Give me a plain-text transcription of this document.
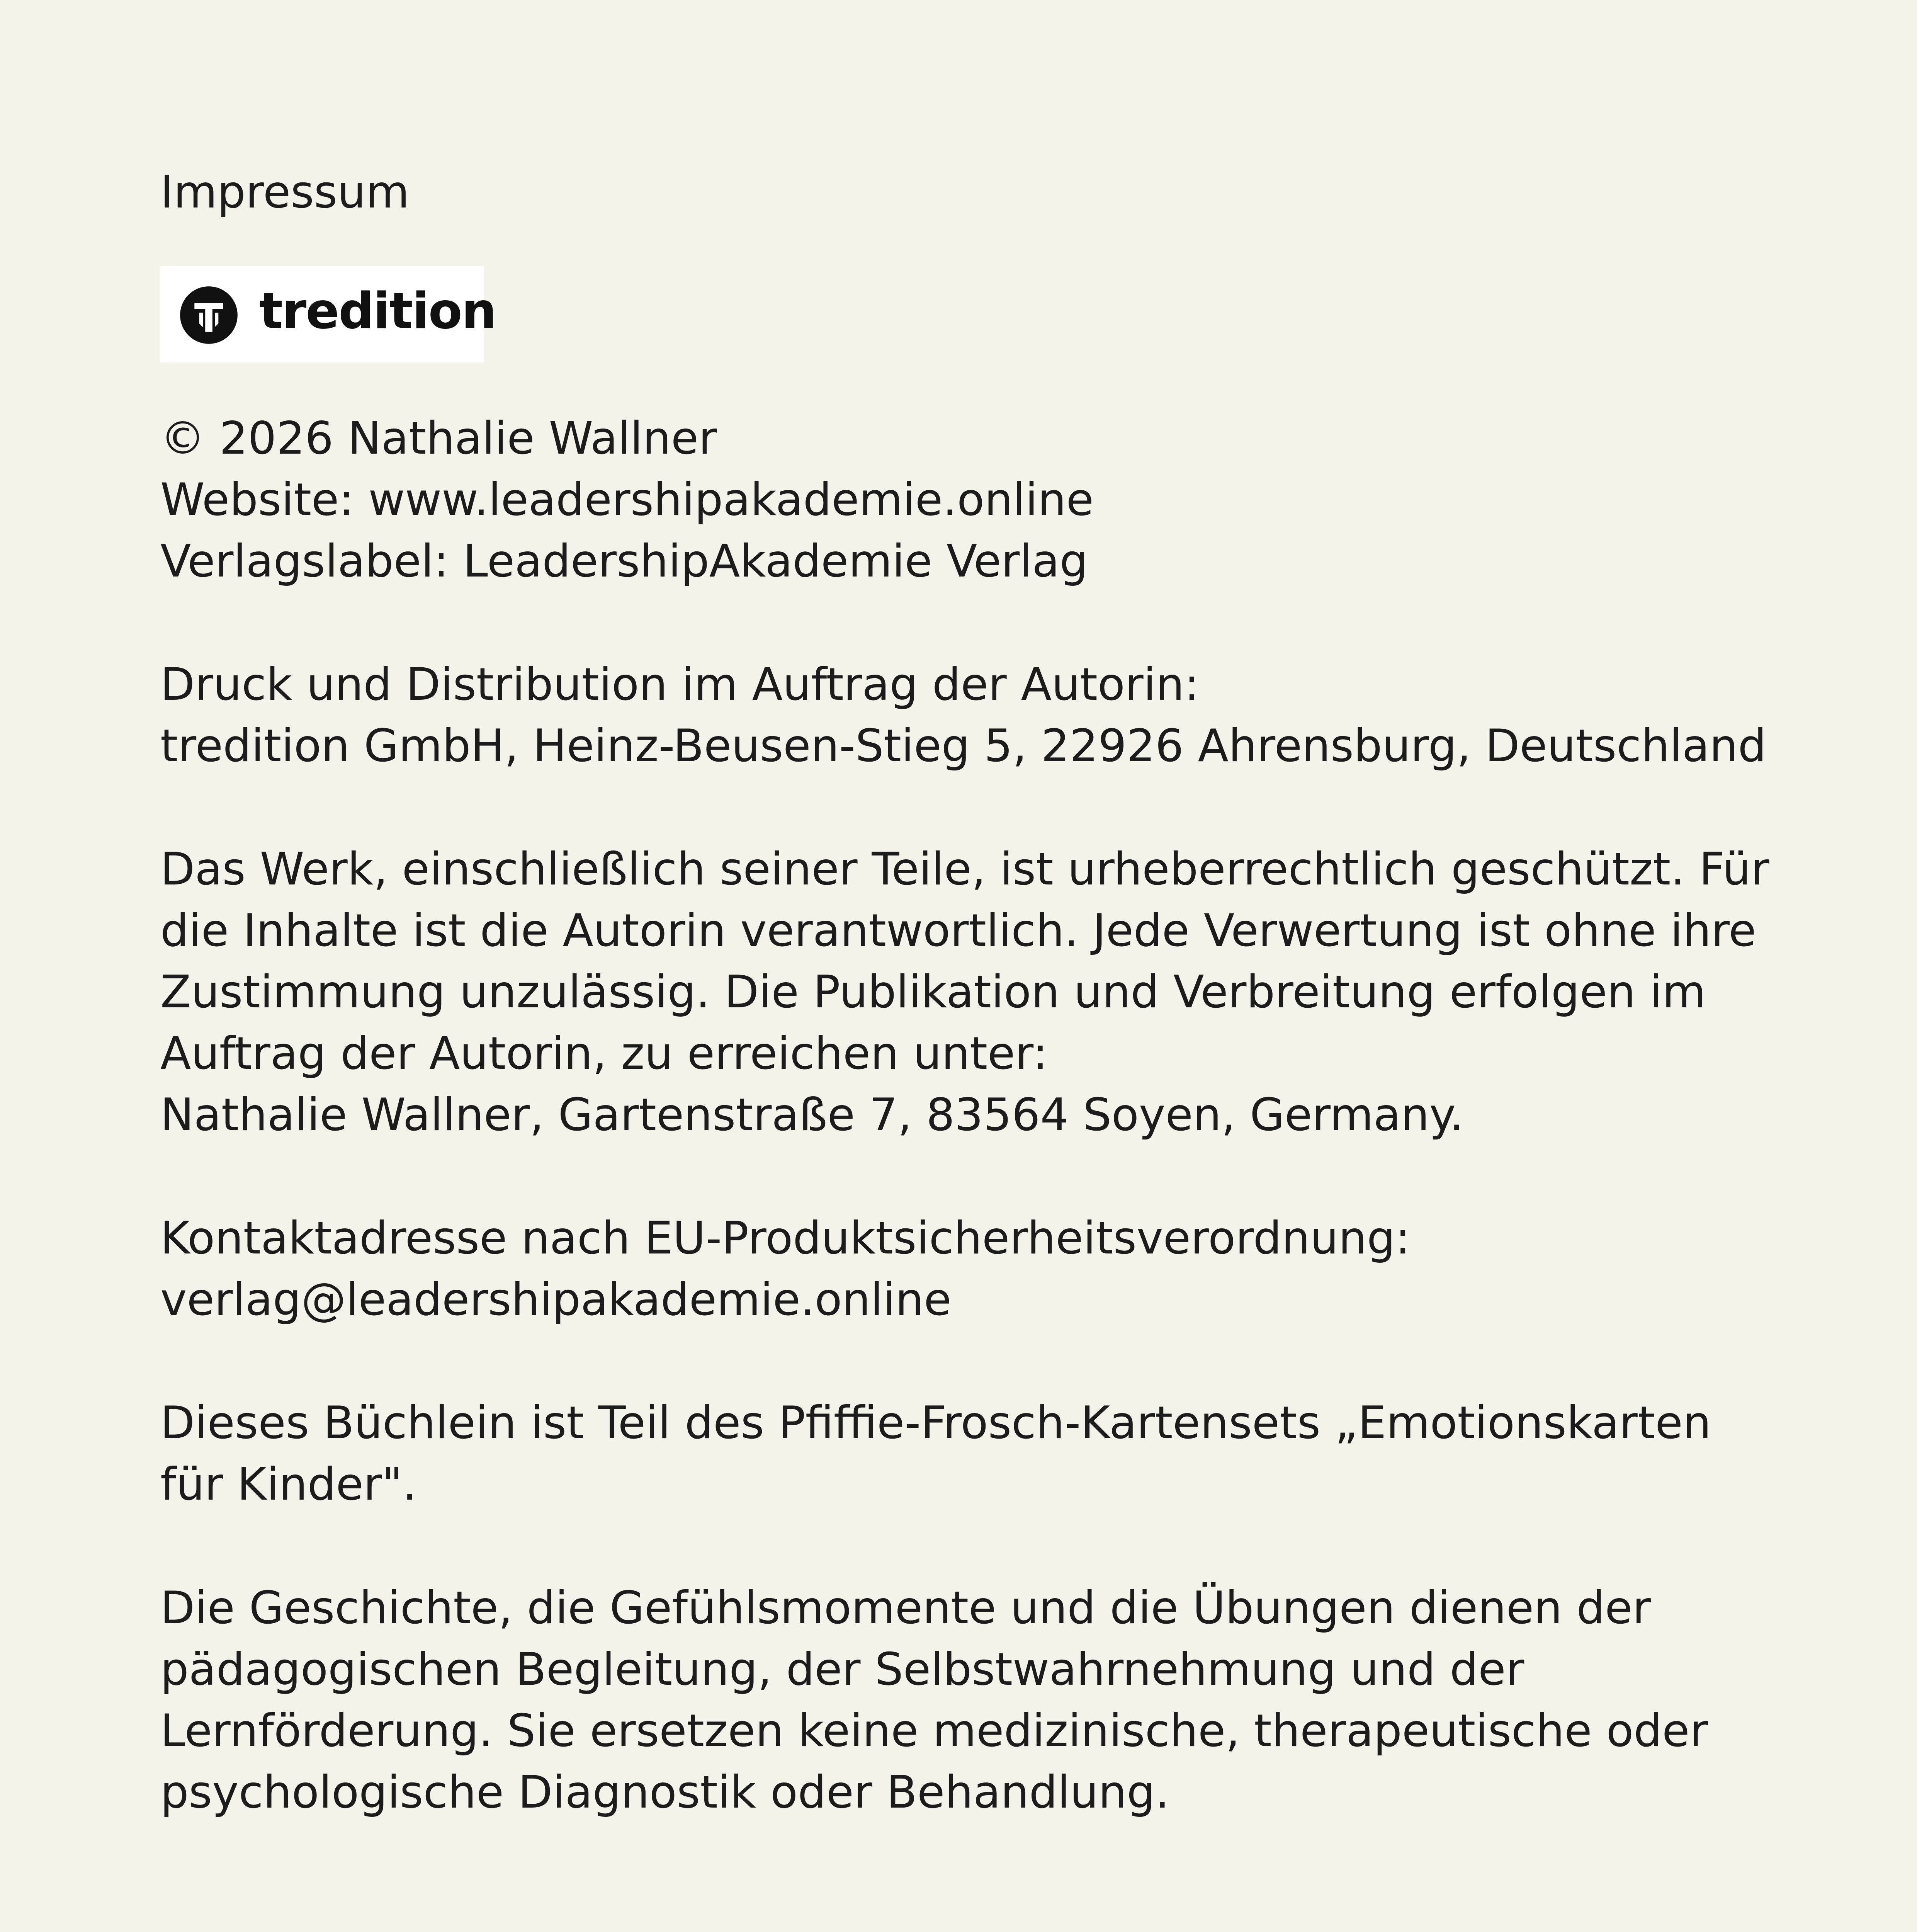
Impressum
tredition
© 2026 Nathalie Wallner
Website: www.leadershipakademie.online
Verlagslabel: LeadershipAkademie Verlag
Druck und Distribution im Auftrag der Autorin:
tredition GmbH, Heinz-Beusen-Stieg 5, 22926 Ahrensburg, Deutschland
Das Werk, einschließlich seiner Teile, ist urheberrechtlich geschützt. Für
die Inhalte ist die Autorin verantwortlich. Jede Verwertung ist ohne ihre
Zustimmung unzulässig. Die Publikation und Verbreitung erfolgen im
Auftrag der Autorin, zu erreichen unter:
Nathalie Wallner, Gartenstraße 7, 83564 Soyen, Germany.
Kontaktadresse nach EU-Produktsicherheitsverordnung:
verlag@leadershipakademie.online
Dieses Büchlein ist Teil des Pfiffie-Frosch-Kartensets „Emotionskarten
für Kinder".
Die Geschichte, die Gefühlsmomente und die Übungen dienen der
pädagogischen Begleitung, der Selbstwahrnehmung und der
Lernförderung. Sie ersetzen keine medizinische, therapeutische oder
psychologische Diagnostik oder Behandlung.
